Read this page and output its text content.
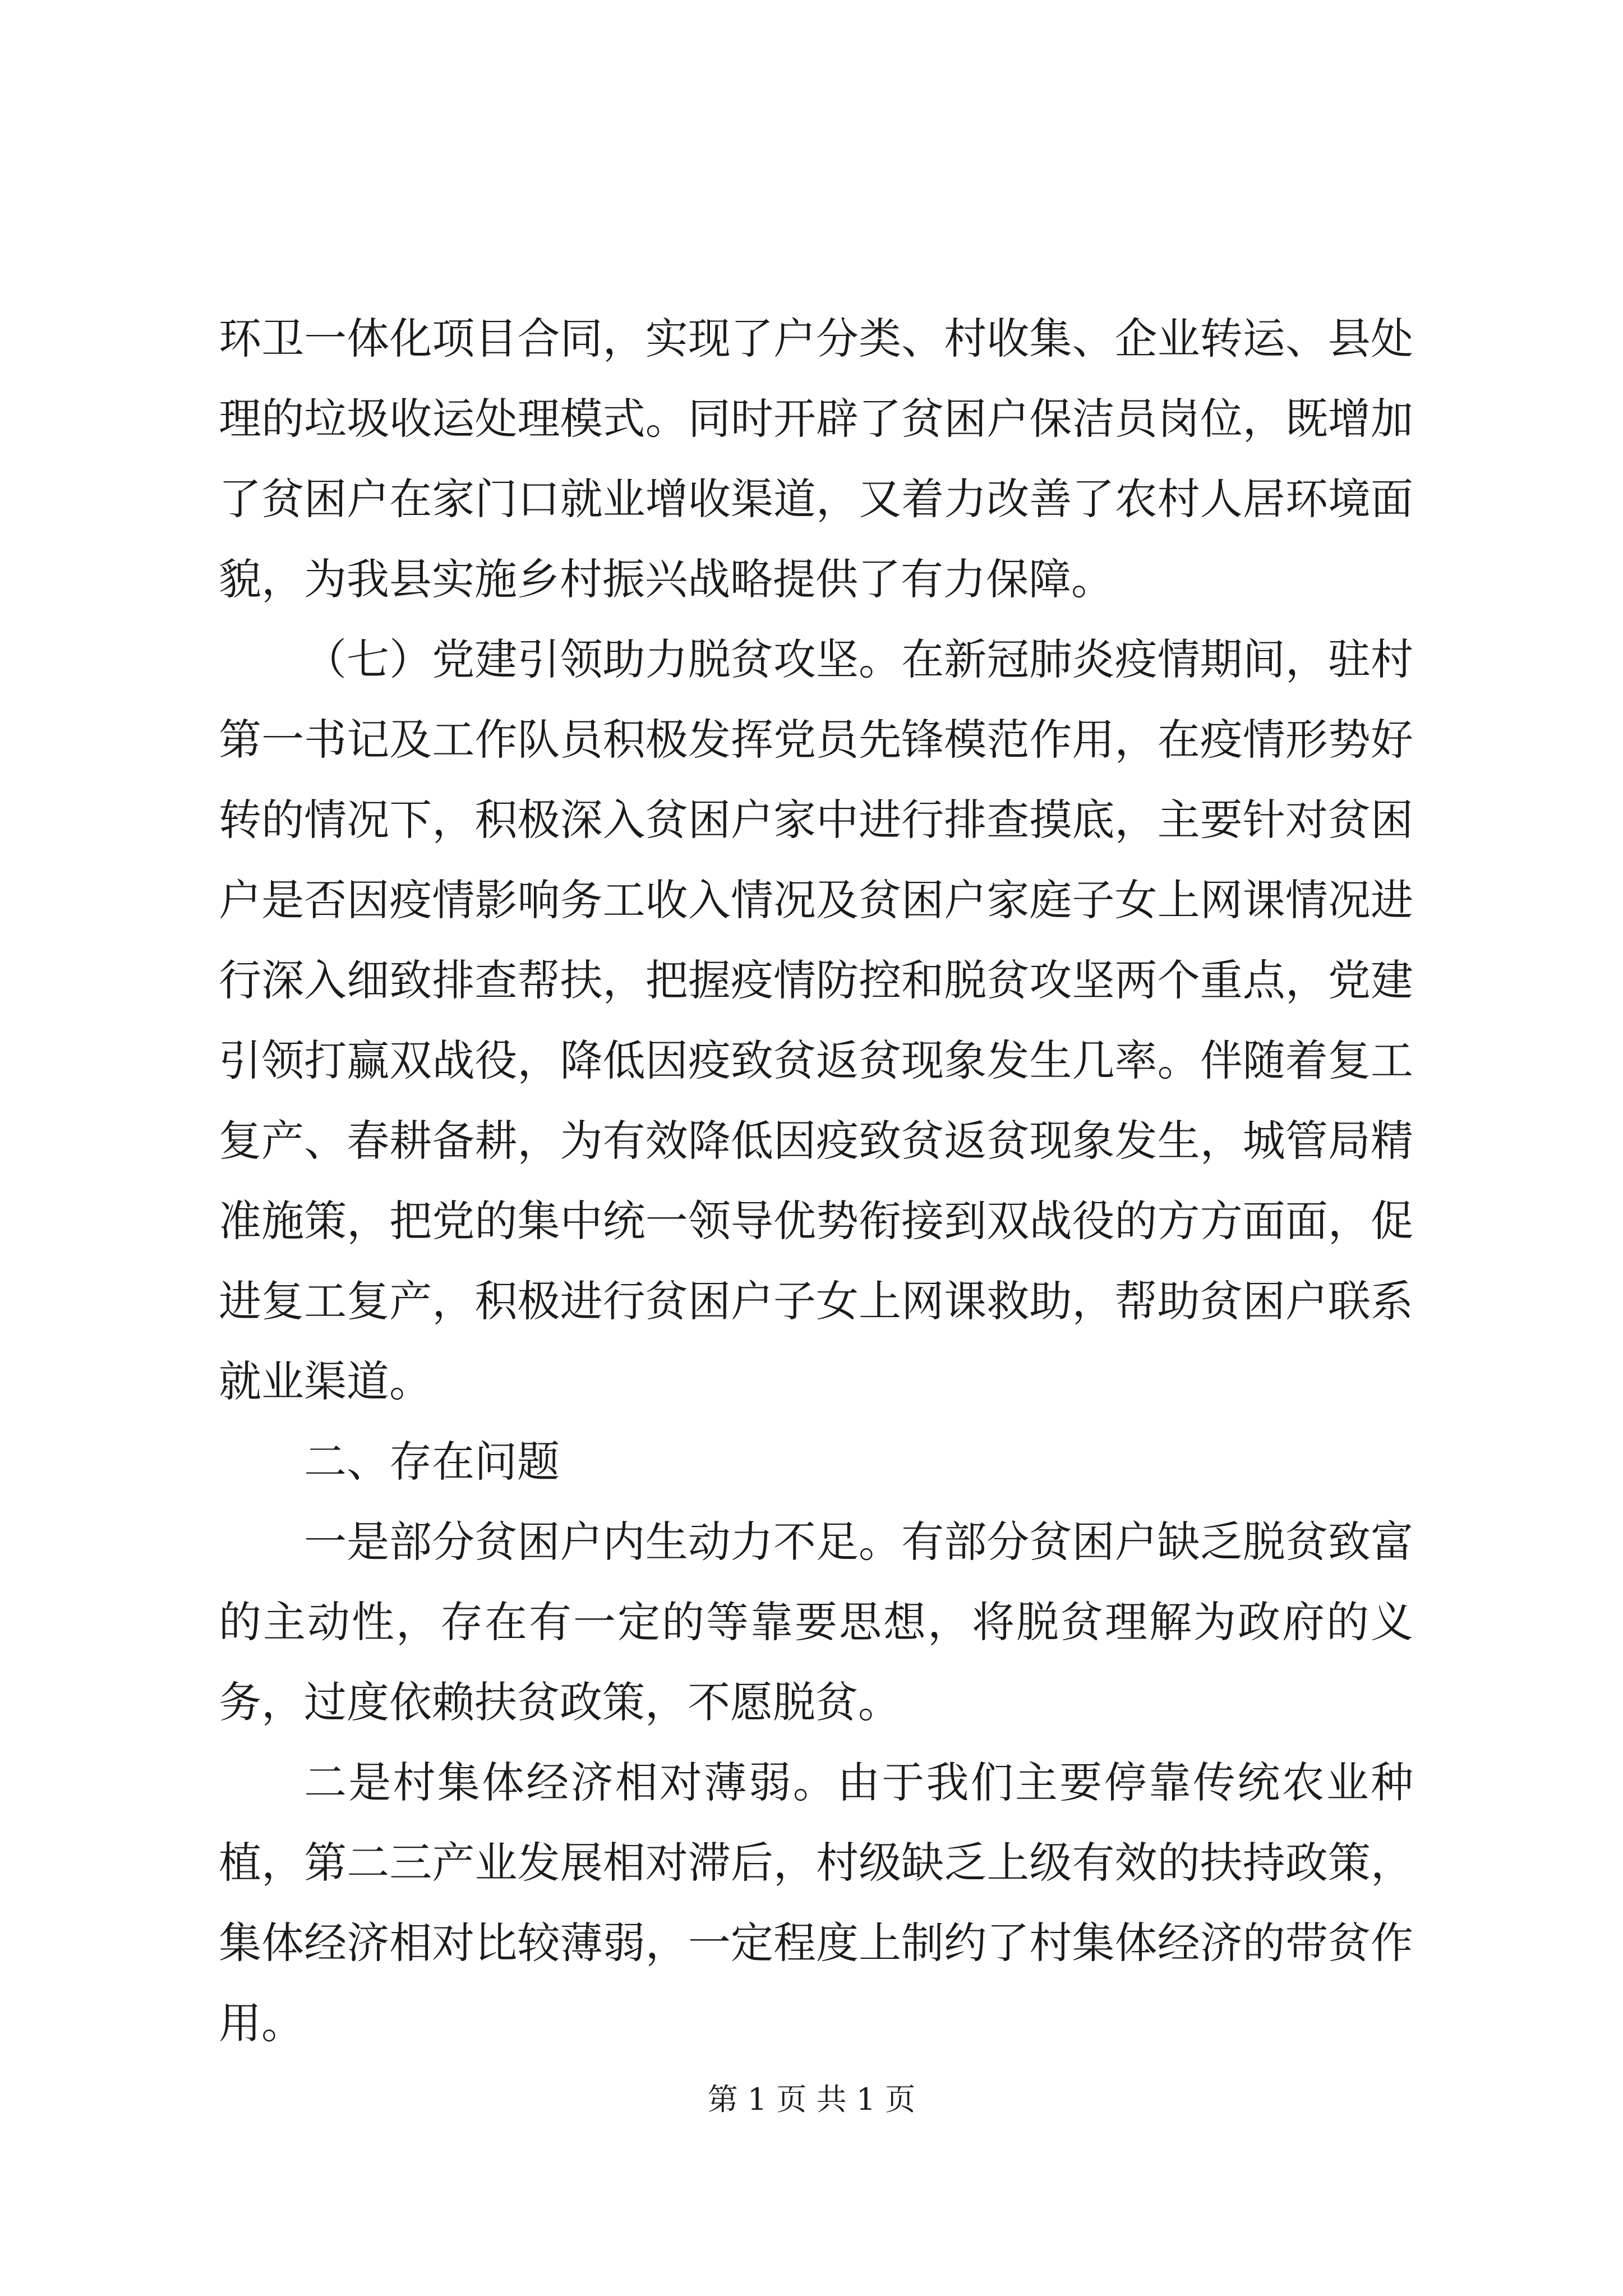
环卫一体化项目合同，实现了户分类、村收集、企业转运、县处理的垃圾收运处理模式。同时开辟了贫困户保洁员岗位，既增加了贫困户在家门口就业增收渠道，又着力改善了农村人居环境面貌，为我县实施乡村振兴战略提供了有力保障。

（七）党建引领助力脱贫攻坚。在新冠肺炎疫情期间，驻村第一书记及工作队员积极发挥党员先锋模范作用，在疫情形势好转的情况下，积极深入贫困户家中进行排查摸底，主要针对贫困户是否因疫情影响务工收入情况及贫困户家庭子女上网课情况进行深入细致排查帮扶，把握疫情防控和脱贫攻坚两个重点，党建引领打赢双战役，降低因疫致贫返贫现象发生几率。伴随着复工复产、春耕备耕，为有效降低因疫致贫返贫现象发生，城管局精准施策，把党的集中统一领导优势衔接到双战役的方方面面，促进复工复产，积极进行贫困户子女上网课救助，帮助贫困户联系就业渠道。

二、存在问题

一是部分贫困户内生动力不足。有部分贫困户缺乏脱贫致富的主动性，存在有一定的等靠要思想，将脱贫理解为政府的义务，过度依赖扶贫政策，不愿脱贫。

二是村集体经济相对薄弱。由于我们主要停靠传统农业种植，第二三产业发展相对滞后，村级缺乏上级有效的扶持政策，集体经济相对比较薄弱，一定程度上制约了村集体经济的带贫作用。

第 1 页 共 1 页
